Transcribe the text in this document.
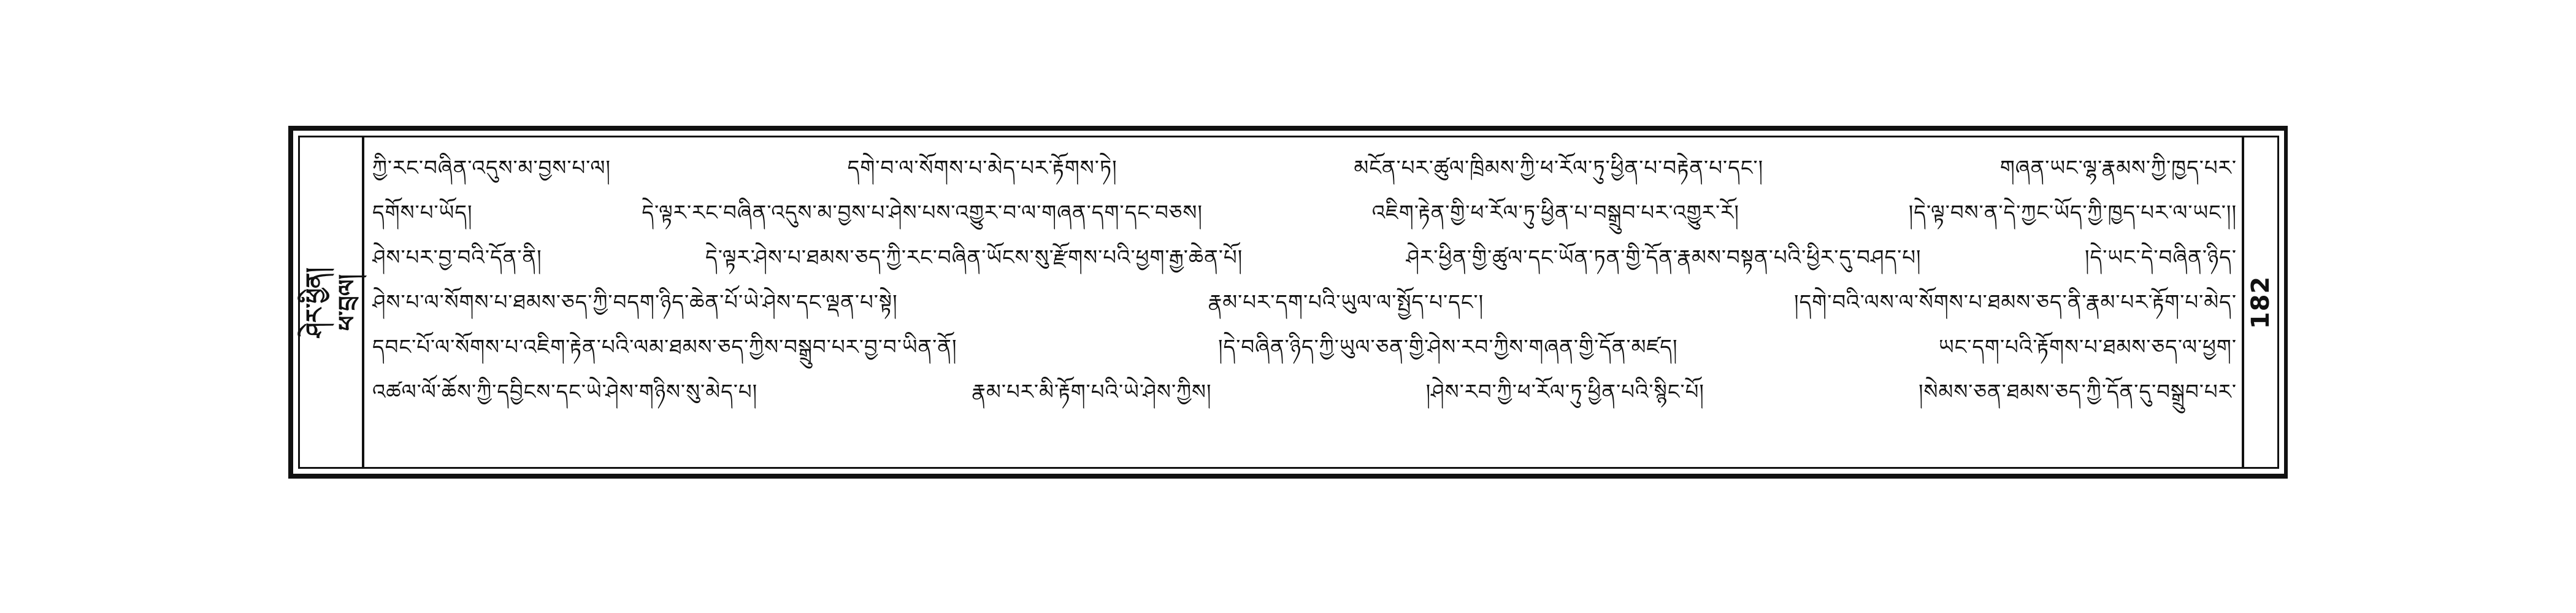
ཤེར་ཕྱིན། ཕ་བྲལ།
ཀྱི་རང་བཞིན་འདུས་མ་བྱས་པ་ལ། དགེ་བ་ལ་སོགས་པ་མེད་པར་རྟོགས་ཏེ། མངོན་པར་ཚུལ་ཁྲིམས་ཀྱི་ཕ་རོལ་ཏུ་ཕྱིན་པ་བརྟེན་པ་དང་། གཞན་ཡང་ལྷ་རྣམས་ཀྱི་ཁྱད་པར་
དགོས་པ་ཡོད། དེ་ལྟར་རང་བཞིན་འདུས་མ་བྱས་པ་ཤེས་པས་འགྱུར་བ་ལ་གཞན་དག་དང་བཅས། འཇིག་རྟེན་གྱི་ཕ་རོལ་ཏུ་ཕྱིན་པ་བསྒྲུབ་པར་འགྱུར་རོ། །དེ་ལྟ་བས་ན་དེ་ཀྱང་ཡོད་ཀྱི་ཁྱད་པར་ལ་ཡང་།།
ཤེས་པར་བྱ་བའི་དོན་ནི། དེ་ལྟར་ཤེས་པ་ཐམས་ཅད་ཀྱི་རང་བཞིན་ཡོངས་སུ་རྫོགས་པའི་ཕྱག་རྒྱ་ཆེན་པོ། ཤེར་ཕྱིན་གྱི་ཚུལ་དང་ཡོན་ཏན་གྱི་དོན་རྣམས་བསྟན་པའི་ཕྱིར་དུ་བཤད་པ། །དེ་ཡང་དེ་བཞིན་ཉིད་
ཤེས་པ་ལ་སོགས་པ་ཐམས་ཅད་ཀྱི་བདག་ཉིད་ཆེན་པོ་ཡེ་ཤེས་དང་ལྡན་པ་སྟེ། རྣམ་པར་དག་པའི་ཡུལ་ལ་སྤྱོད་པ་དང་། །དགེ་བའི་ལས་ལ་སོགས་པ་ཐམས་ཅད་ནི་རྣམ་པར་རྟོག་པ་མེད་
དབང་པོ་ལ་སོགས་པ་འཇིག་རྟེན་པའི་ལམ་ཐམས་ཅད་ཀྱིས་བསྒྲུབ་པར་བྱ་བ་ཡིན་ནོ། །དེ་བཞིན་ཉིད་ཀྱི་ཡུལ་ཅན་གྱི་ཤེས་རབ་ཀྱིས་གཞན་གྱི་དོན་མཛད། ཡང་དག་པའི་རྟོགས་པ་ཐམས་ཅད་ལ་ཕྱག་
འཚལ་ལོ་ཆོས་ཀྱི་དབྱིངས་དང་ཡེ་ཤེས་གཉིས་སུ་མེད་པ། རྣམ་པར་མི་རྟོག་པའི་ཡེ་ཤེས་ཀྱིས། །ཤེས་རབ་ཀྱི་ཕ་རོལ་ཏུ་ཕྱིན་པའི་སྙིང་པོ། །སེམས་ཅན་ཐམས་ཅད་ཀྱི་དོན་དུ་བསྒྲུབ་པར་
182
